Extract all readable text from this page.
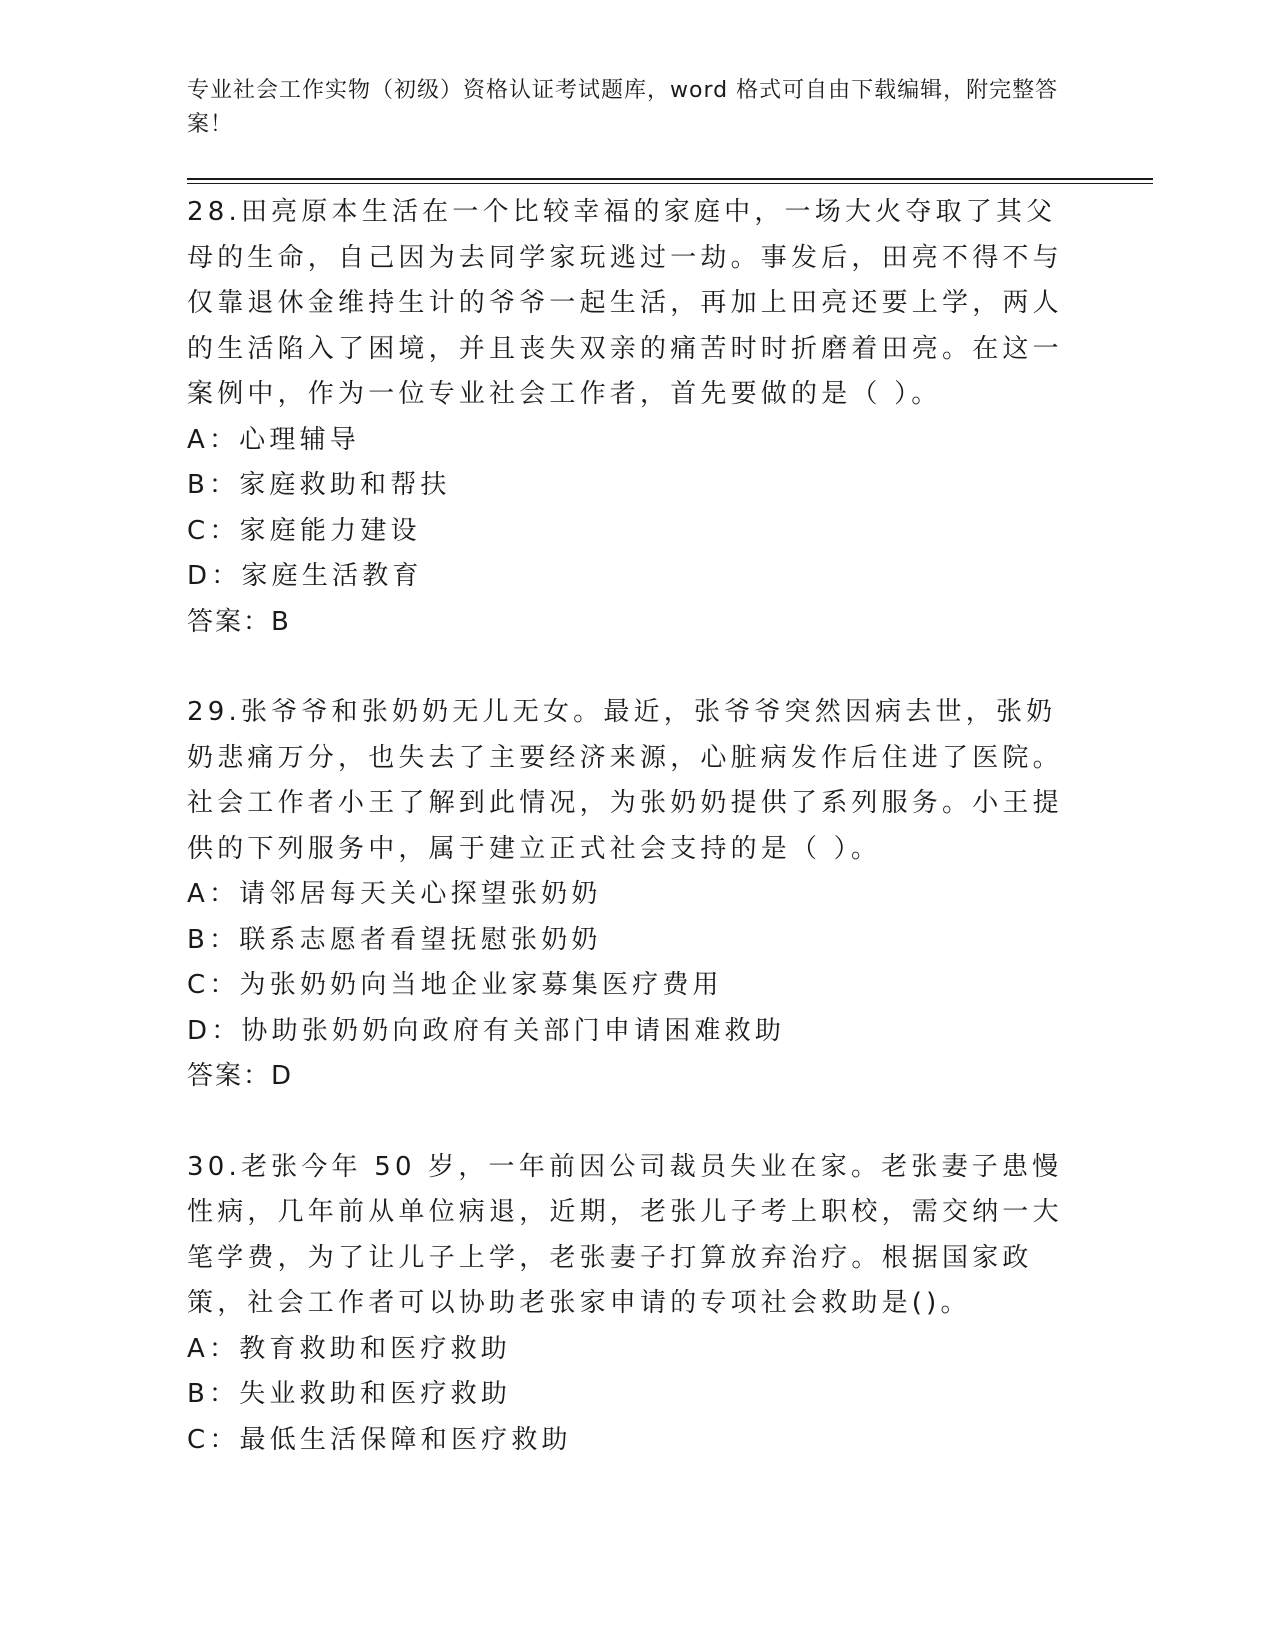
专业社会工作实物（初级）资格认证考试题库，word 格式可自由下载编辑，附完整答案！

28.田亮原本生活在一个比较幸福的家庭中，一场大火夺取了其父母的生命，自己因为去同学家玩逃过一劫。事发后，田亮不得不与仅靠退休金维持生计的爷爷一起生活，再加上田亮还要上学，两人的生活陷入了困境，并且丧失双亲的痛苦时时折磨着田亮。在这一案例中，作为一位专业社会工作者，首先要做的是（ ）。

A：心理辅导

B：家庭救助和帮扶

C：家庭能力建设

D：家庭生活教育

答案：B

29.张爷爷和张奶奶无儿无女。最近，张爷爷突然因病去世，张奶奶悲痛万分，也失去了主要经济来源，心脏病发作后住进了医院。社会工作者小王了解到此情况，为张奶奶提供了系列服务。小王提供的下列服务中，属于建立正式社会支持的是（ ）。

A：请邻居每天关心探望张奶奶

B：联系志愿者看望抚慰张奶奶

C：为张奶奶向当地企业家募集医疗费用

D：协助张奶奶向政府有关部门申请困难救助

答案：D

30.老张今年 50 岁，一年前因公司裁员失业在家。老张妻子患慢性病，几年前从单位病退，近期，老张儿子考上职校，需交纳一大笔学费，为了让儿子上学，老张妻子打算放弃治疗。根据国家政策，社会工作者可以协助老张家申请的专项社会救助是()。

A：教育救助和医疗救助

B：失业救助和医疗救助

C：最低生活保障和医疗救助
